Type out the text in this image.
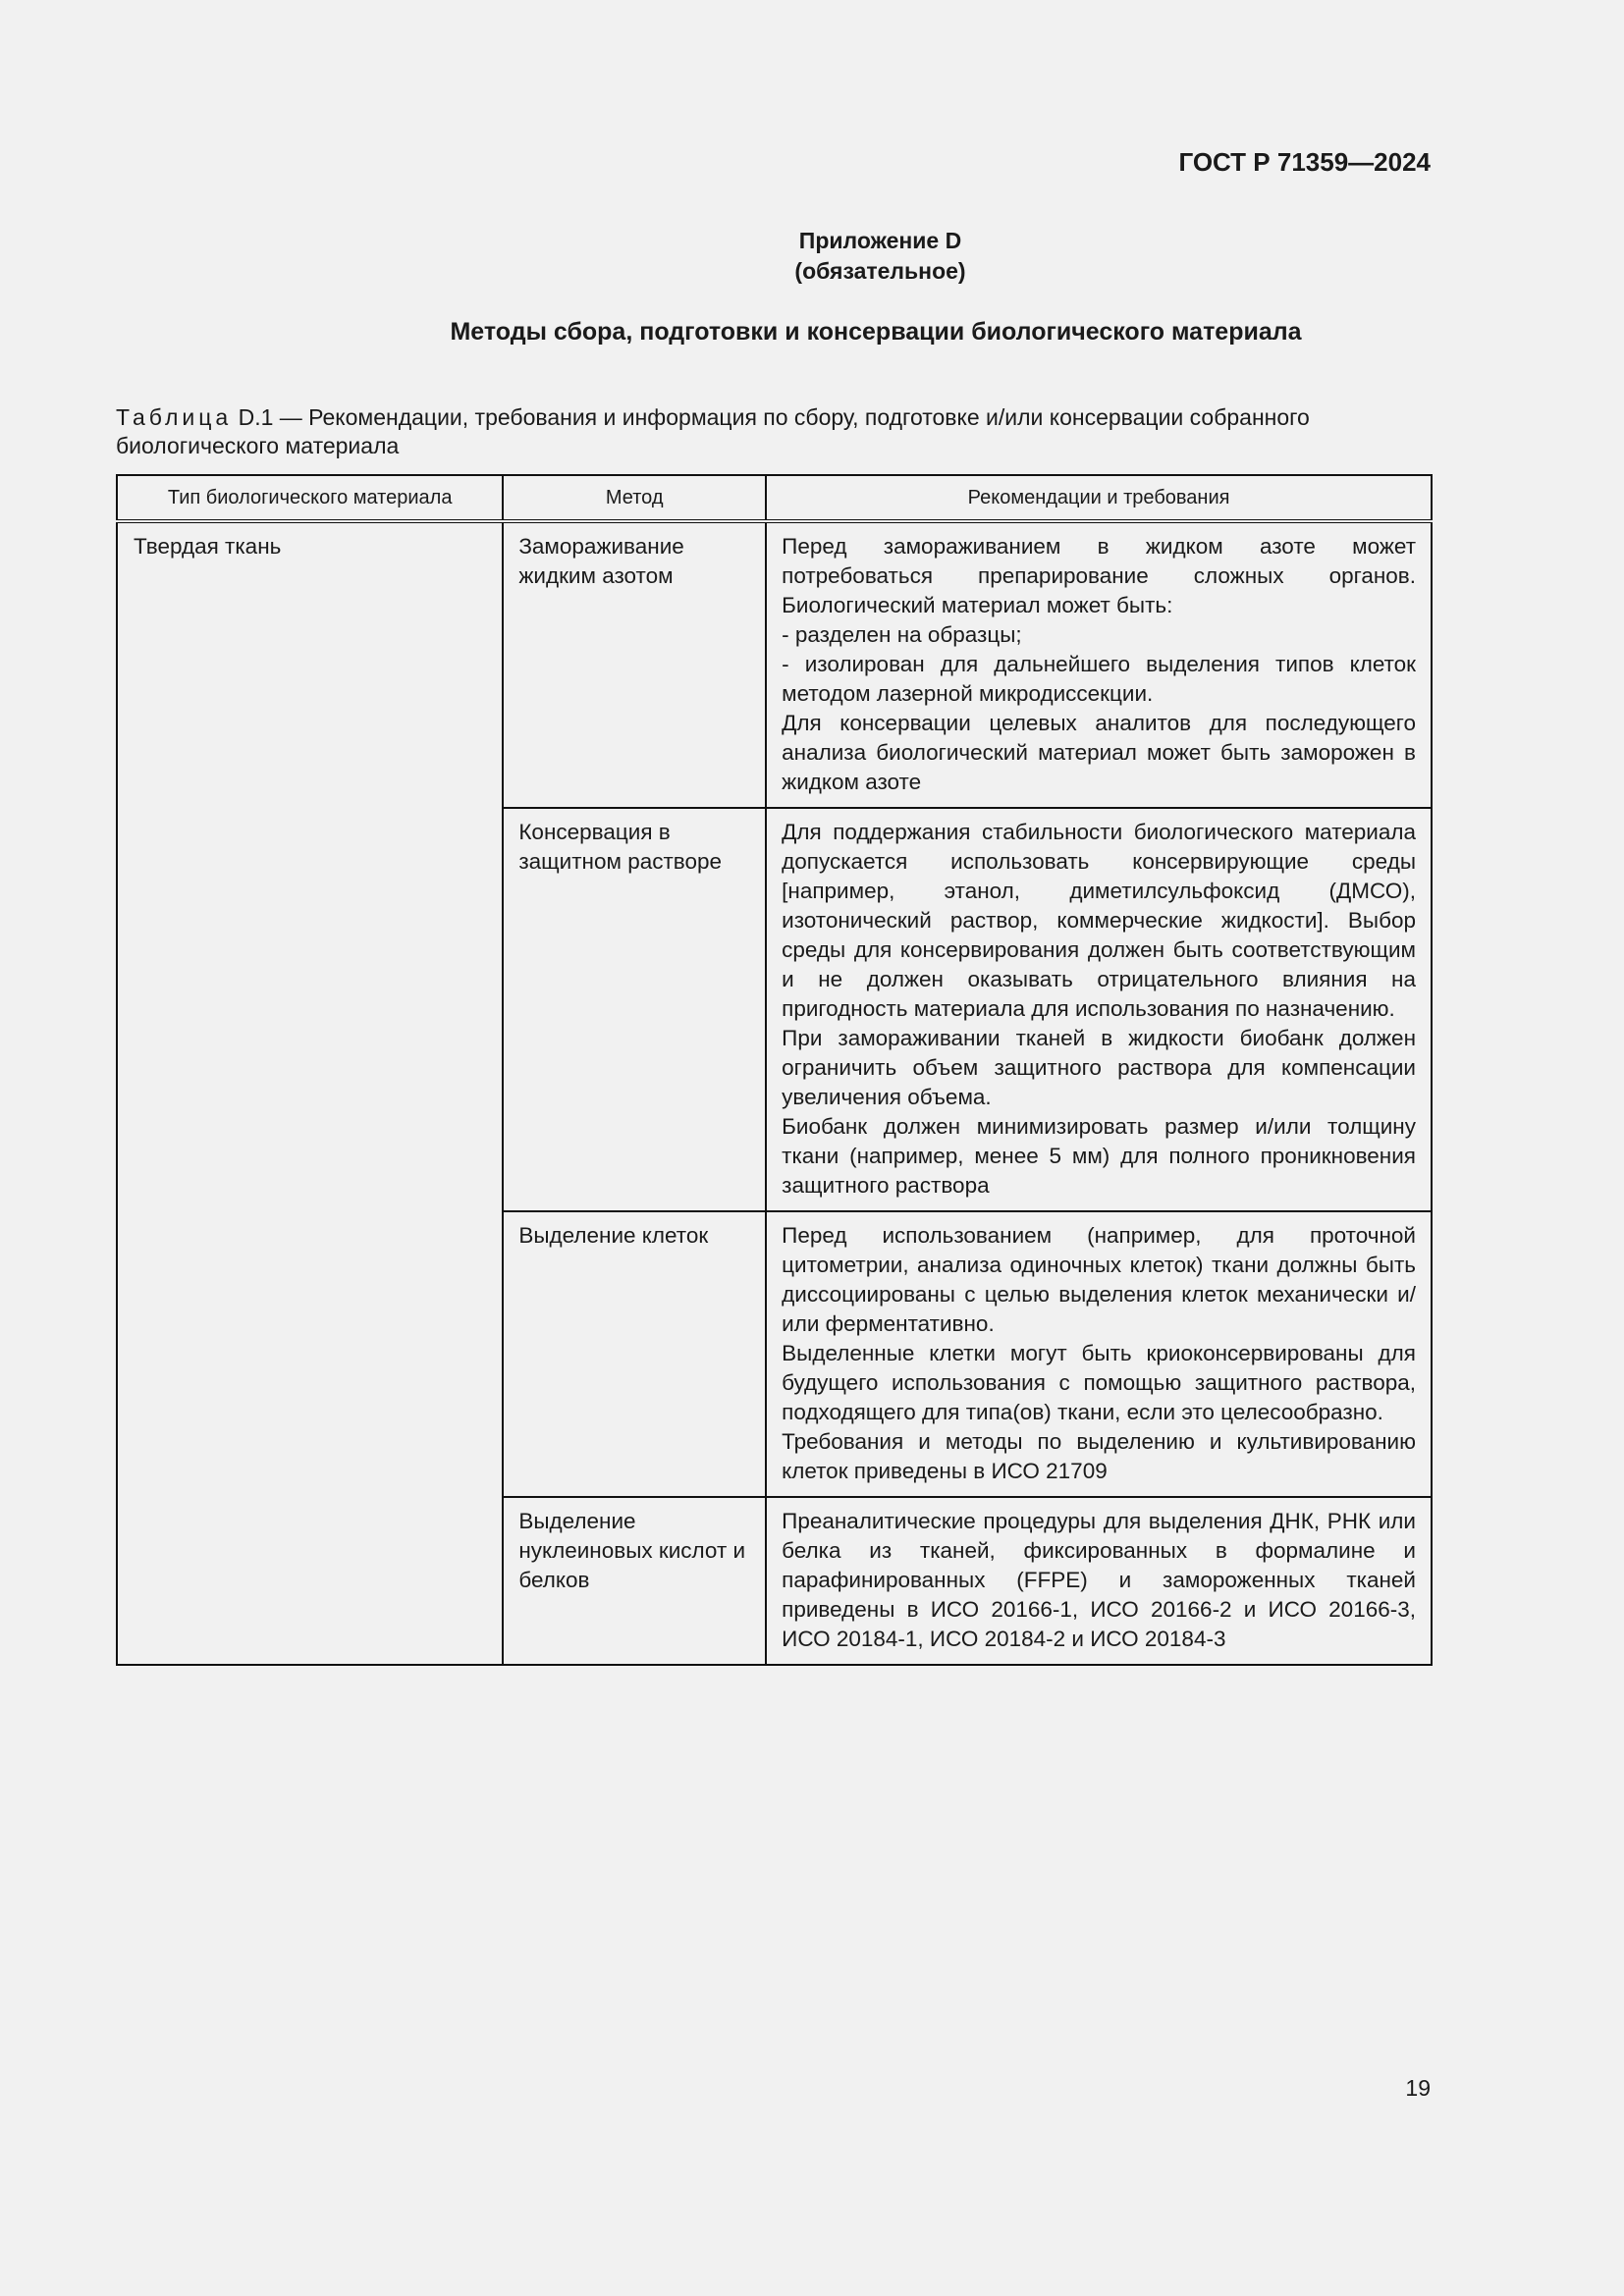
ГОСТ Р 71359—2024
Приложение D
(обязательное)
Методы сбора, подготовки и консервации биологического материала
Таблица D.1 — Рекомендации, требования и информация по сбору, подготовке и/или консервации собранного биологического материала
Тип биологического материала	Метод	Рекомендации и требования
Твердая ткань	Замораживание жидким азотом	Перед замораживанием в жидком азоте может потребоваться препарирование сложных органов. Биологический материал может быть:
- разделен на образцы;
- изолирован для дальнейшего выделения типов клеток методом лазерной микродиссекции.
Для консервации целевых аналитов для последующего анализа биологический материал может быть заморожен в жидком азоте

	Консервация в защитном растворе	Для поддержания стабильности биологического материала допускается использовать консервирующие среды [например, этанол, диметилсульфоксид (ДМСО), изотонический раствор, коммерческие жидкости]. Выбор среды для консервирования должен быть соответствующим и не должен оказывать отрицательного влияния на пригодность материала для использования по назначению.
При замораживании тканей в жидкости биобанк должен ограничить объем защитного раствора для компенсации увеличения объема.
Биобанк должен минимизировать размер и/или толщину ткани (например, менее 5 мм) для полного проникновения защитного раствора

	Выделение клеток	Перед использованием (например, для проточной цитометрии, анализа одиночных клеток) ткани должны быть диссоциированы с целью выделения клеток механически и/или ферментативно.
Выделенные клетки могут быть криоконсервированы для будущего использования с помощью защитного раствора, подходящего для типа(ов) ткани, если это целесообразно.
Требования и методы по выделению и культивированию клеток приведены в ИСО 21709

	Выделение нуклеиновых кислот и белков	Преаналитические процедуры для выделения ДНК, РНК или белка из тканей, фиксированных в формалине и парафинированных (FFPE) и замороженных тканей приведены в ИСО 20166-1, ИСО 20166-2 и ИСО 20166-3, ИСО 20184-1, ИСО 20184-2 и ИСО 20184-3
19
